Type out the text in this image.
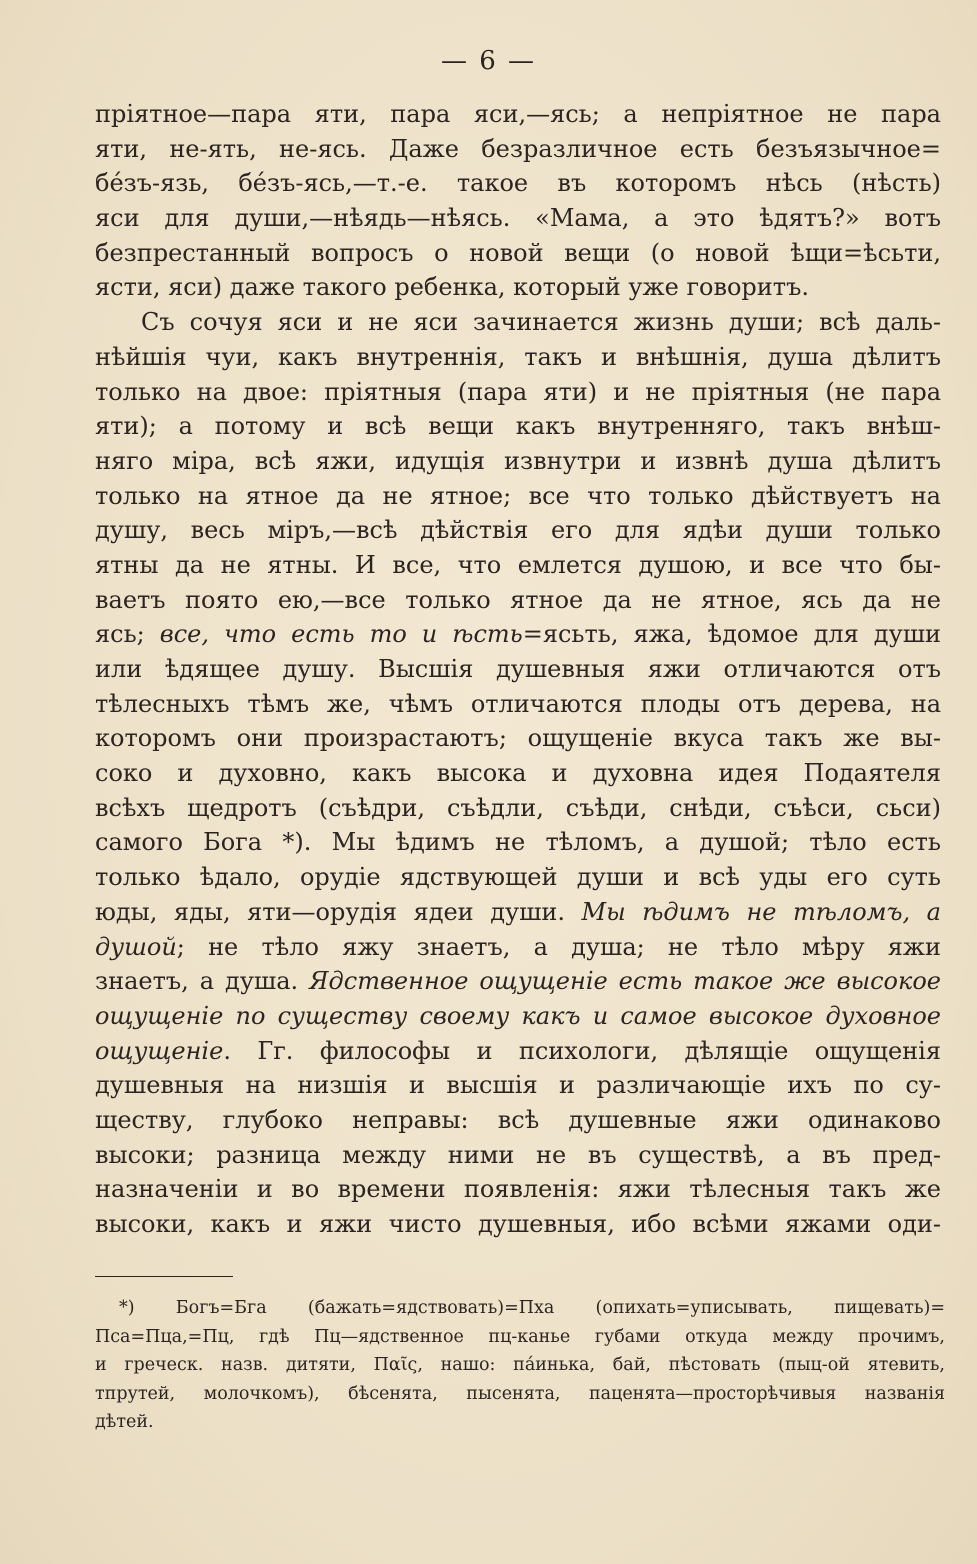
— 6 —
пріятное—пара яти, пара яси,—ясь; а непріятное не пара
яти, не-ять, не-ясь. Даже безразличное есть безъязычное=
бе́зъ-язь, бе́зъ-ясь,—т.-е. такое въ которомъ нѣсь (нѣсть)
яси для души,—нѣядь—нѣясь. «Мама, а это ѣдятъ?» вотъ
безпрестанный вопросъ о новой вещи (о новой ѣщи=ѣсьти,
ясти, яси) даже такого ребенка, который уже говоритъ.
Съ сочуя яси и не яси зачинается жизнь души; всѣ даль-
нѣйшія чуи, какъ внутреннія, такъ и внѣшнія, душа дѣлитъ
только на двое: пріятныя (пара яти) и не пріятныя (не пара
яти); а потому и всѣ вещи какъ внутренняго, такъ внѣш-
няго міра, всѣ яжи, идущія извнутри и извнѣ душа дѣлитъ
только на ятное да не ятное; все что только дѣйствуетъ на
душу, весь міръ,—всѣ дѣйствія его для ядѣи души только
ятны да не ятны. И все, что емлется душою, и все что бы-
ваетъ поято ею,—все только ятное да не ятное, ясь да не
ясь; все, что есть то и ѣсть=ясьть, яжа, ѣдомое для души
или ѣдящее душу. Высшія душевныя яжи отличаются отъ
тѣлесныхъ тѣмъ же, чѣмъ отличаются плоды отъ дерева, на
которомъ они произрастаютъ; ощущеніе вкуса такъ же вы-
соко и духовно, какъ высока и духовна идея Подаятеля
всѣхъ щедротъ (съѣдри, съѣдли, съѣди, снѣди, съѣси, сьси)
самого Бога *). Мы ѣдимъ не тѣломъ, а душой; тѣло есть
только ѣдало, орудіе ядствующей души и всѣ уды его суть
юды, яды, яти—орудія ядеи души. Мы ѣдимъ не тѣломъ, а
душой; не тѣло яжу знаетъ, а душа; не тѣло мѣру яжи
знаетъ, а душа. Ядственное ощущеніе есть такое же высокое
ощущеніе по существу своему какъ и самое высокое духовное
ощущеніе. Гг. философы и психологи, дѣлящіе ощущенія
душевныя на низшія и высшія и различающіе ихъ по су-
ществу, глубоко неправы: всѣ душевные яжи одинаково
высоки; разница между ними не въ существѣ, а въ пред-
назначеніи и во времени появленія: яжи тѣлесныя такъ же
высоки, какъ и яжи чисто душевныя, ибо всѣми яжами оди-
*) Богъ=Бга (бажать=ядствовать)=Пха (опихать=уписывать, пищевать)=
Пса=Пца,=Пц, гдѣ Пц—ядственное пц-канье губами откуда между прочимъ,
и греческ. назв. дитяти, Παῖς, нашо: па́инька, бай, пѣстовать (пыц-ой ятевить,
тпрутей, молочкомъ), бѣсенята, пысенята, паценята—просторѣчивыя названія
дѣтей.
